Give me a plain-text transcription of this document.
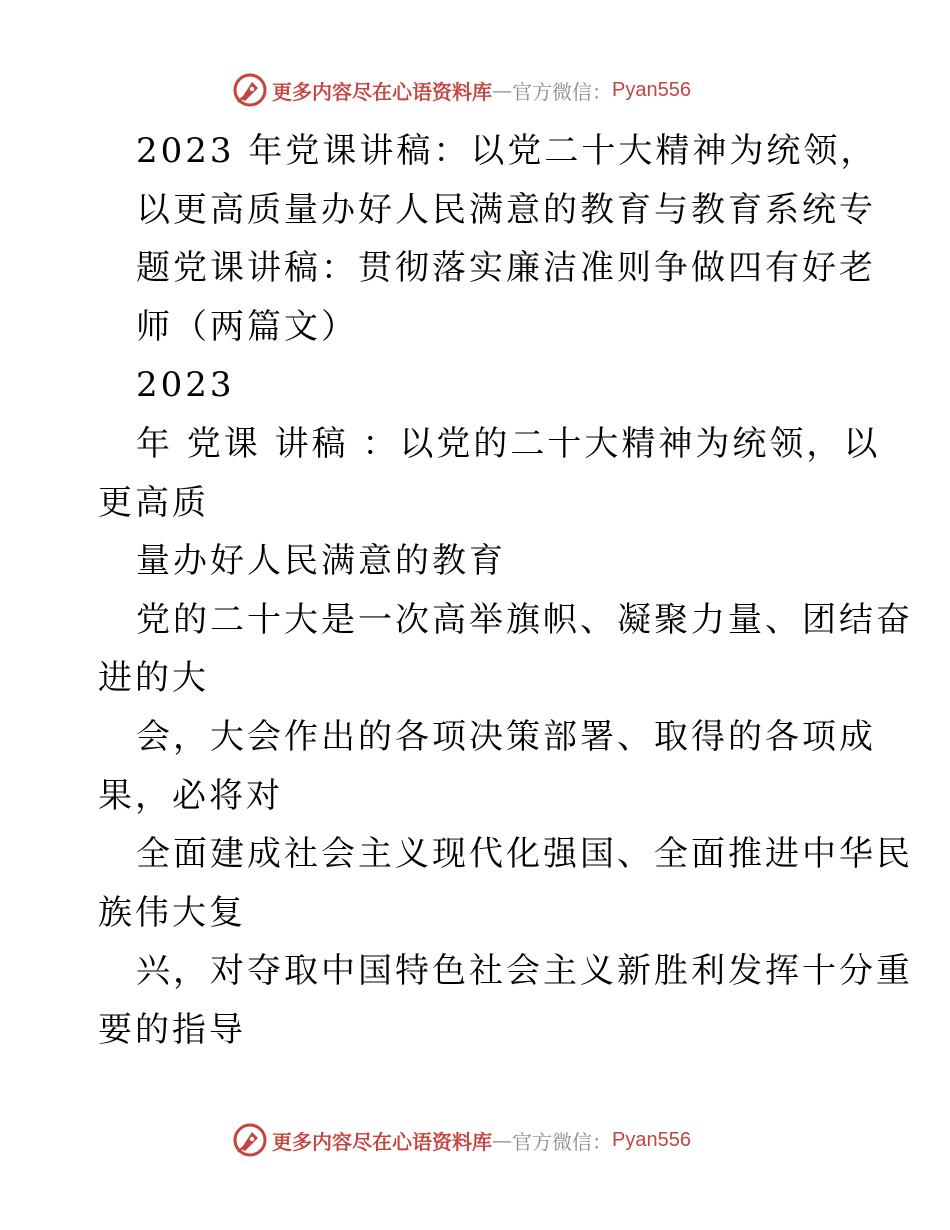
更多内容尽在心语资料库 — 官方微信： Pyan556
2023 年党课讲稿：以党二十大精神为统领，
以更高质量办好人民满意的教育与教育系统专
题党课讲稿：贯彻落实廉洁准则争做四有好老
师（两篇文）
2023
年 党课 讲稿 ：以党的二十大精神为统领，以
更高质
量办好人民满意的教育
党的二十大是一次高举旗帜、凝聚力量、团结奋
进的大
会，大会作出的各项决策部署、取得的各项成
果，必将对
全面建成社会主义现代化强国、全面推进中华民
族伟大复
兴，对夺取中国特色社会主义新胜利发挥十分重
要的指导
更多内容尽在心语资料库 — 官方微信： Pyan556
